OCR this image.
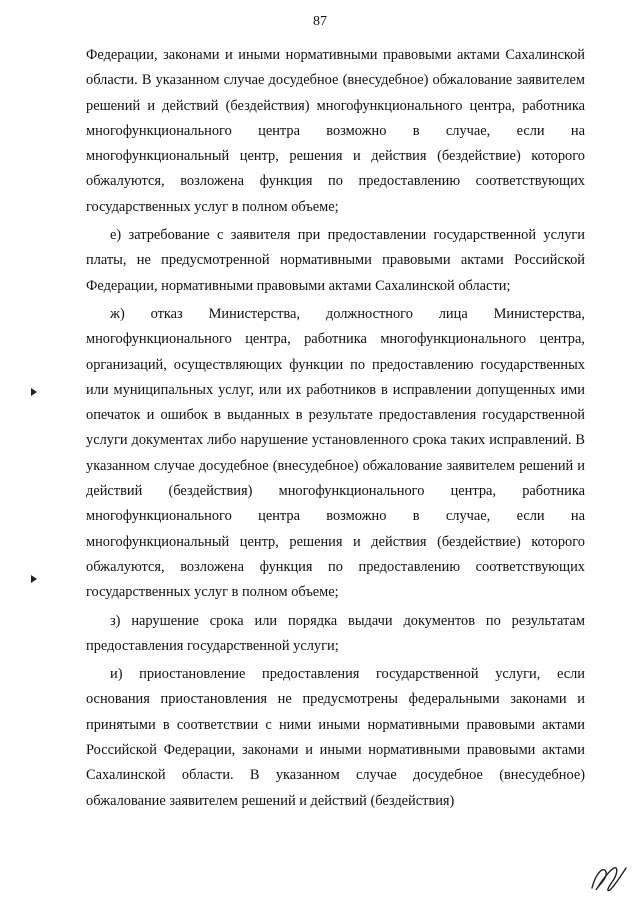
87

Федерации, законами и иными нормативными правовыми актами Сахалинской области. В указанном случае досудебное (внесудебное) обжалование заявителем решений и действий (бездействия) многофункционального центра, работника многофункционального центра возможно в случае, если на многофункциональный центр, решения и действия (бездействие) которого обжалуются, возложена функция по предоставлению соответствующих государственных услуг в полном объеме;

е) затребование с заявителя при предоставлении государственной услуги платы, не предусмотренной нормативными правовыми актами Российской Федерации, нормативными правовыми актами Сахалинской области;

ж) отказ Министерства, должностного лица Министерства, многофункционального центра, работника многофункционального центра, организаций, осуществляющих функции по предоставлению государственных или муниципальных услуг, или их работников в исправлении допущенных ими опечаток и ошибок в выданных в результате предоставления государственной услуги документах либо нарушение установленного срока таких исправлений. В указанном случае досудебное (внесудебное) обжалование заявителем решений и действий (бездействия) многофункционального центра, работника многофункционального центра возможно в случае, если на многофункциональный центр, решения и действия (бездействие) которого обжалуются, возложена функция по предоставлению соответствующих государственных услуг в полном объеме;

з) нарушение срока или порядка выдачи документов по результатам предоставления государственной услуги;

и) приостановление предоставления государственной услуги, если основания приостановления не предусмотрены федеральными законами и принятыми в соответствии с ними иными нормативными правовыми актами Российской Федерации, законами и иными нормативными правовыми актами Сахалинской области. В указанном случае досудебное (внесудебное) обжалование заявителем решений и действий (бездействия)
